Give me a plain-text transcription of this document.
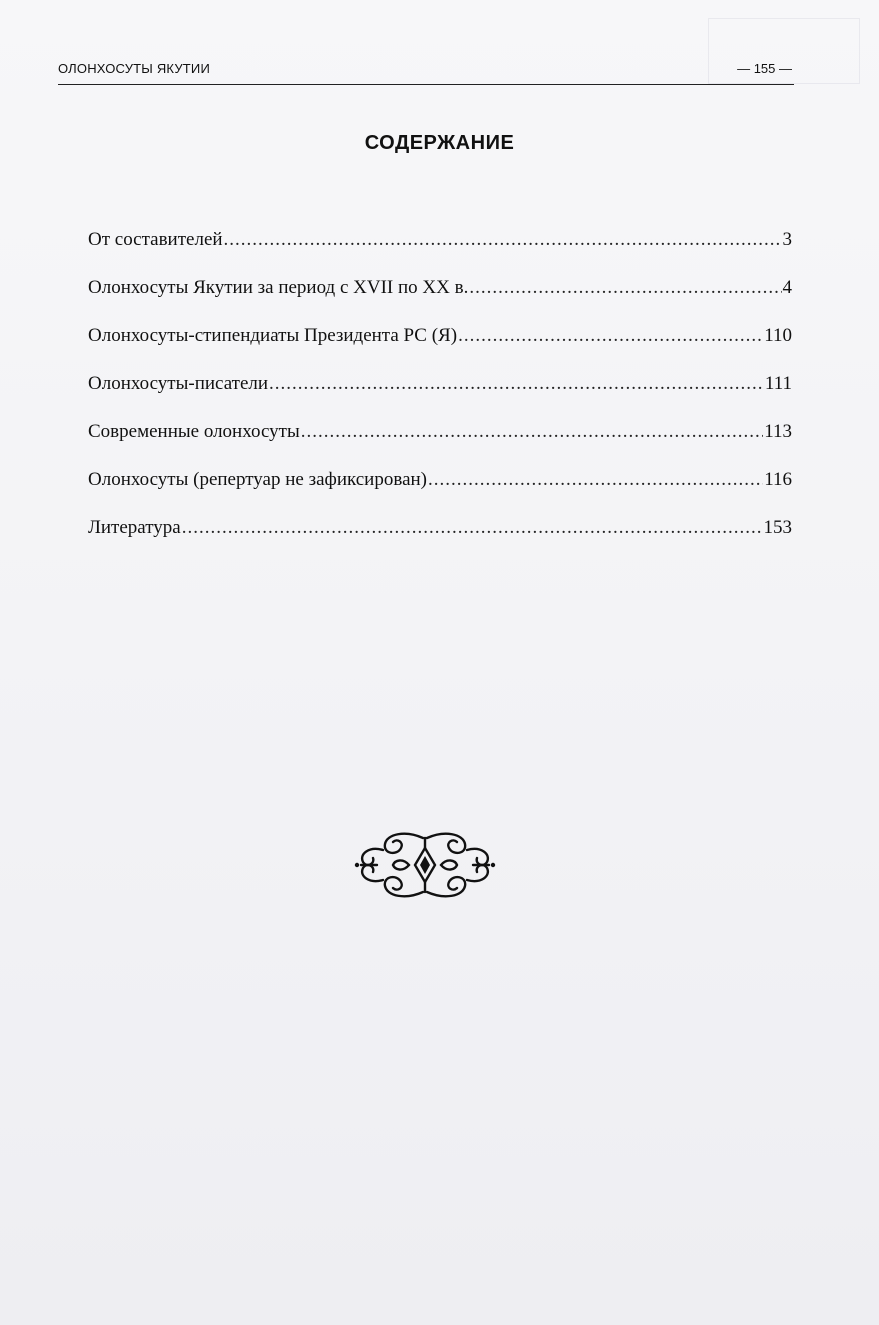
ОЛОНХОСУТЫ ЯКУТИИ	— 155 —
СОДЕРЖАНИЕ
От составителей .....	3
Олонхосуты Якутии за период с XVII по XX в. .....	4
Олонхосуты-стипендиаты Президента РС (Я) .....	110
Олонхосуты-писатели .....	111
Современные олонхосуты .....	113
Олонхосуты (репертуар не зафиксирован) .....	116
Литература .....	153
